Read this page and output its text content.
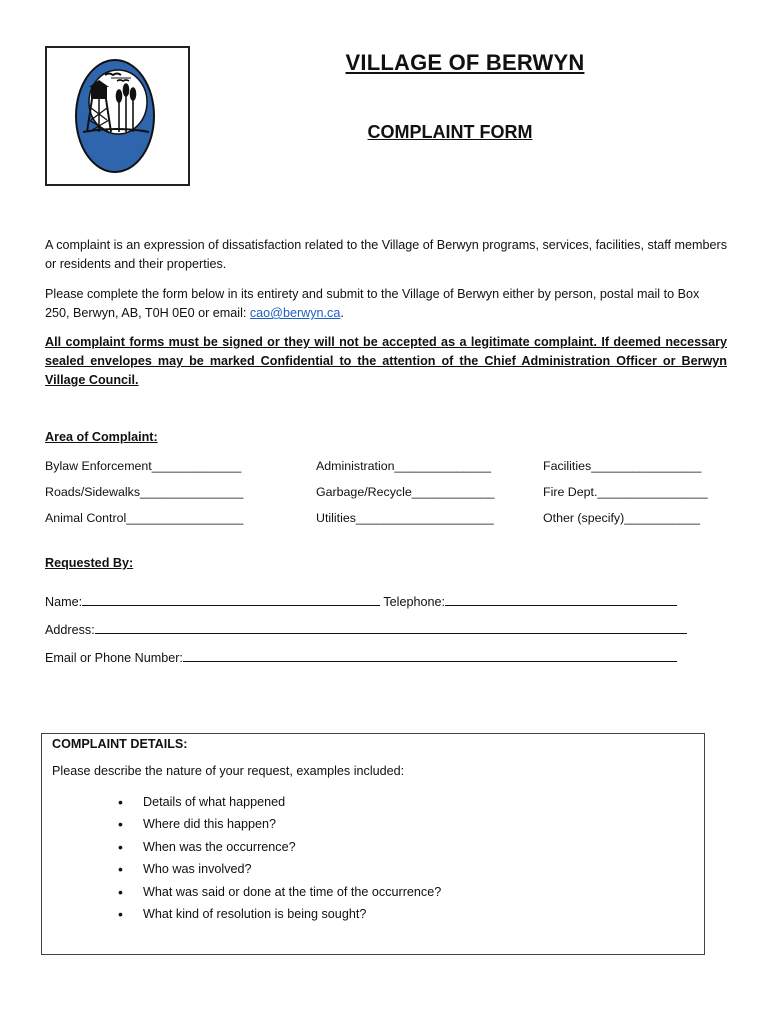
VILLAGE OF BERWYN
COMPLAINT FORM
A complaint is an expression of dissatisfaction related to the Village of Berwyn programs, services, facilities, staff members or residents and their properties.
Please complete the form below in its entirety and submit to the Village of Berwyn either by person, postal mail to Box 250, Berwyn, AB, T0H 0E0 or email: cao@berwyn.ca.
All complaint forms must be signed or they will not be accepted as a legitimate complaint. If deemed necessary sealed envelopes may be marked Confidential to the attention of the Chief Administration Officer or Berwyn Village Council.
Area of Complaint:
Bylaw Enforcement_____________	Administration______________	Facilities________________
Roads/Sidewalks_______________	Garbage/Recycle____________	Fire Dept.________________
Animal Control_________________	Utilities____________________	Other (specify)___________
Requested By:
Name:	Telephone:
Address:
Email or Phone Number:
COMPLAINT DETAILS:
Please describe the nature of your request, examples included:
• Details of what happened
• Where did this happen?
• When was the occurrence?
• Who was involved?
• What was said or done at the time of the occurrence?
• What kind of resolution is being sought?
